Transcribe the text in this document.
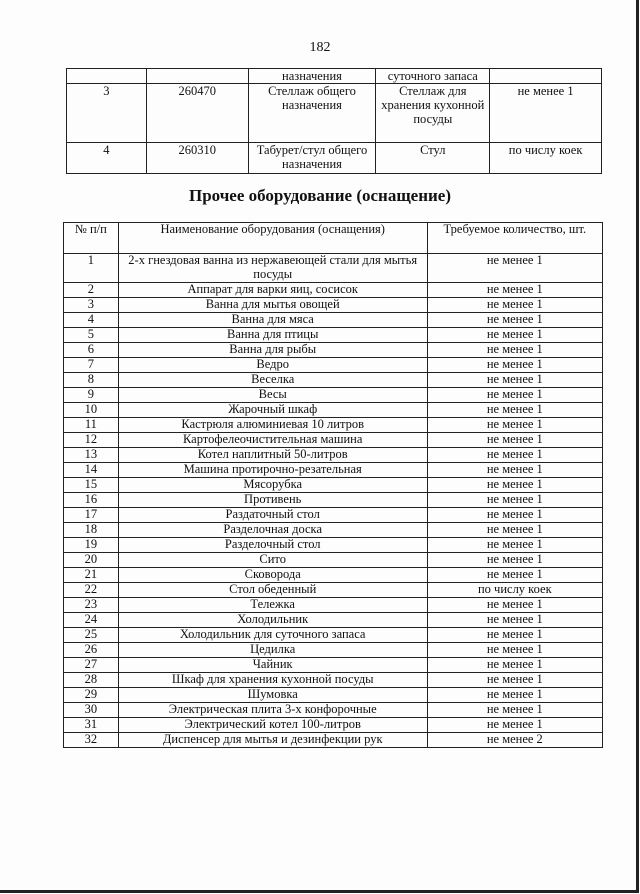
182
		назначения	суточного запаса	
3	260470	Стеллаж общего назначения	Стеллаж для хранения кухонной посуды	не менее 1
4	260310	Табурет/стул общего назначения	Стул	по числу коек
Прочее оборудование (оснащение)
№ п/п	Наименование оборудования (оснащения)	Требуемое количество, шт.
1	2-х гнездовая ванна из нержавеющей стали для мытья посуды	не менее 1
2	Аппарат для варки яиц, сосисок	не менее 1
3	Ванна для мытья овощей	не менее 1
4	Ванна для мяса	не менее 1
5	Ванна для птицы	не менее 1
6	Ванна для рыбы	не менее 1
7	Ведро	не менее 1
8	Веселка	не менее 1
9	Весы	не менее 1
10	Жарочный шкаф	не менее 1
11	Кастрюля алюминиевая 10 литров	не менее 1
12	Картофелеочистительная машина	не менее 1
13	Котел наплитный 50-литров	не менее 1
14	Машина протирочно-резательная	не менее 1
15	Мясорубка	не менее 1
16	Противень	не менее 1
17	Раздаточный стол	не менее 1
18	Разделочная доска	не менее 1
19	Разделочный стол	не менее 1
20	Сито	не менее 1
21	Сковорода	не менее 1
22	Стол обеденный	по числу коек
23	Тележка	не менее 1
24	Холодильник	не менее 1
25	Холодильник для суточного запаса	не менее 1
26	Цедилка	не менее 1
27	Чайник	не менее 1
28	Шкаф для хранения кухонной посуды	не менее 1
29	Шумовка	не менее 1
30	Электрическая плита 3-х конфорочные	не менее 1
31	Электрический котел 100-литров	не менее 1
32	Диспенсер для мытья и дезинфекции рук	не менее 2
